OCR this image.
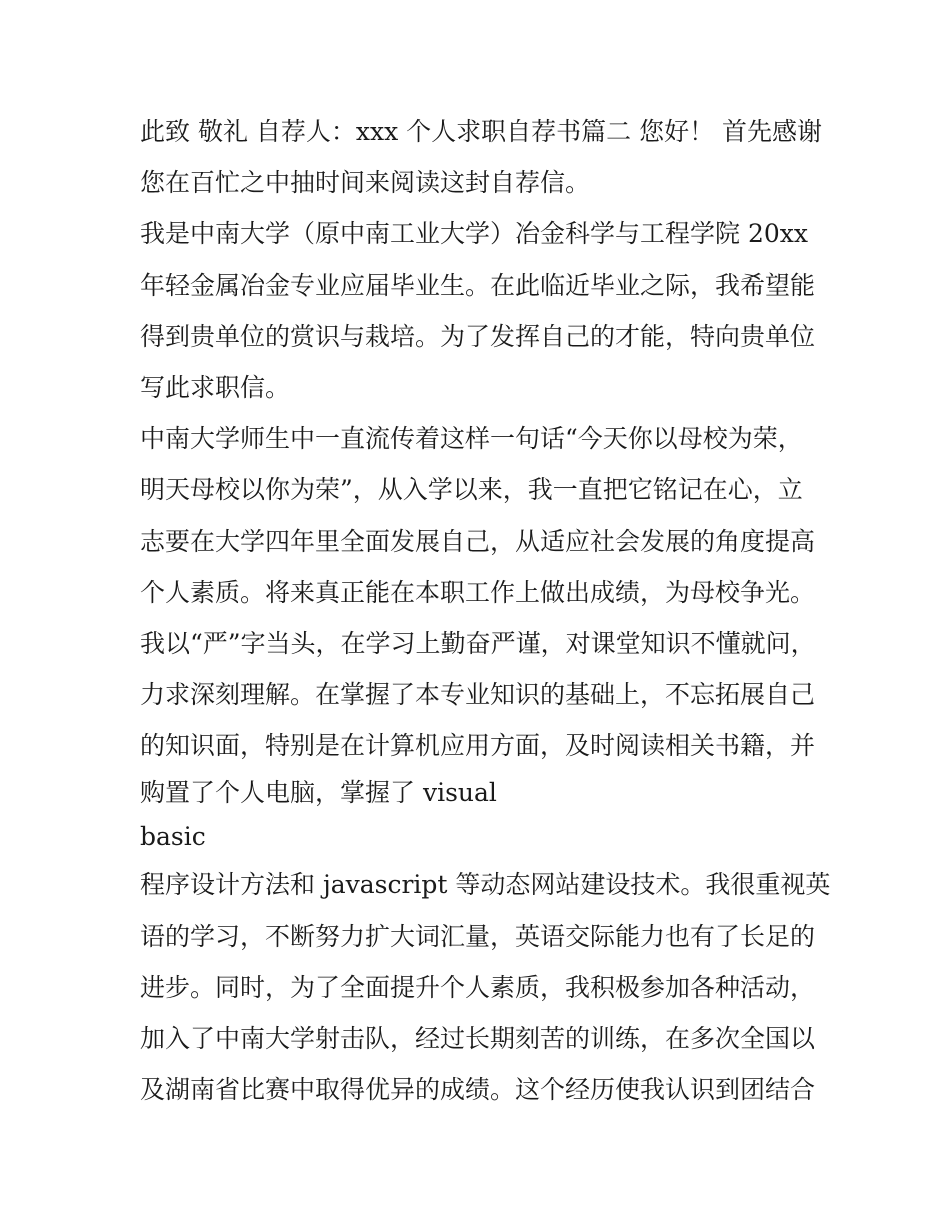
此致 敬礼 自荐人：xxx 个人求职自荐书篇二 您好！ 首先感谢
您在百忙之中抽时间来阅读这封自荐信。
我是中南大学（原中南工业大学）冶金科学与工程学院 20xx
年轻金属冶金专业应届毕业生。在此临近毕业之际，我希望能
得到贵单位的赏识与栽培。为了发挥自己的才能，特向贵单位
写此求职信。
中南大学师生中一直流传着这样一句话“今天你以母校为荣，
明天母校以你为荣”，从入学以来，我一直把它铭记在心，立
志要在大学四年里全面发展自己，从适应社会发展的角度提高
个人素质。将来真正能在本职工作上做出成绩，为母校争光。
我以“严”字当头，在学习上勤奋严谨，对课堂知识不懂就问，
力求深刻理解。在掌握了本专业知识的基础上，不忘拓展自己
的知识面，特别是在计算机应用方面，及时阅读相关书籍，并
购置了个人电脑，掌握了 visual
basic
程序设计方法和 javascript 等动态网站建设技术。我很重视英
语的学习，不断努力扩大词汇量，英语交际能力也有了长足的
进步。同时，为了全面提升个人素质，我积极参加各种活动，
加入了中南大学射击队，经过长期刻苦的训练，在多次全国以
及湖南省比赛中取得优异的成绩。这个经历使我认识到团结合
